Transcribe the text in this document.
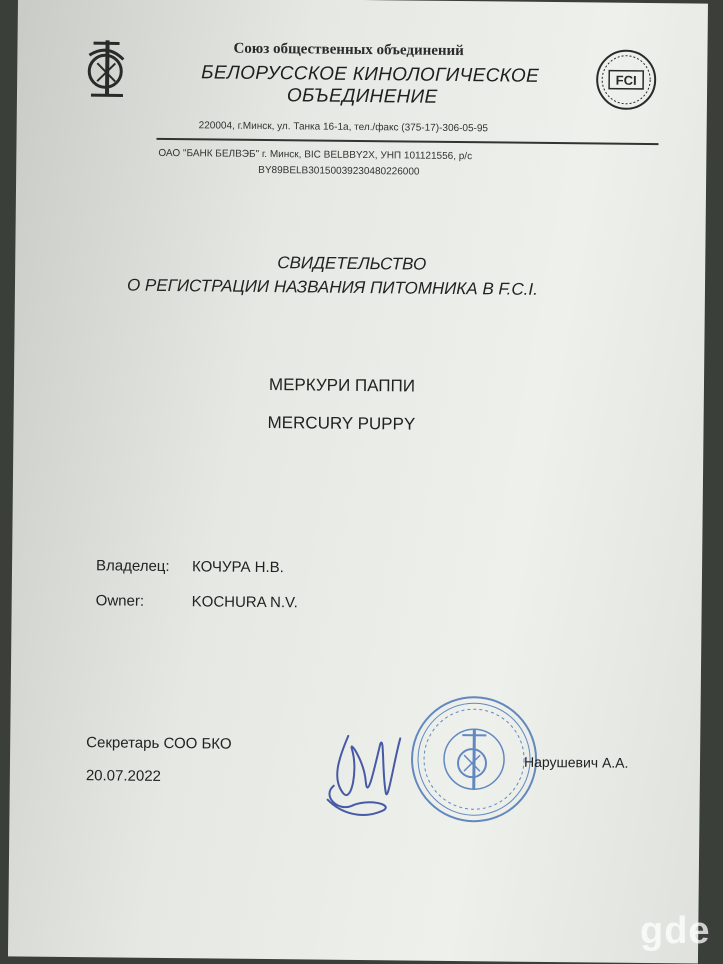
Союз общественных объединений
БЕЛОРУССКОЕ КИНОЛОГИЧЕСКОЕ
ОБЪЕДИНЕНИЕ
FCI
220004, г.Минск, ул. Танка 16-1а, тел./факс (375-17)-306-05-95
ОАО "БАНК БЕЛВЭБ" г. Минск, BIC BELBBY2X, УНП 101121556, р/с
BY89BELB30150039230480226000
СВИДЕТЕЛЬСТВО
О РЕГИСТРАЦИИ НАЗВАНИЯ ПИТОМНИКА В F.C.I.
МЕРКУРИ ПАППИ
MERCURY PUPPY
Владелец: КОЧУРА Н.В.
Owner:	KOCHURA N.V.
Секретарь СОО БКО
20.07.2022
Нарушевич А.А.
gde
